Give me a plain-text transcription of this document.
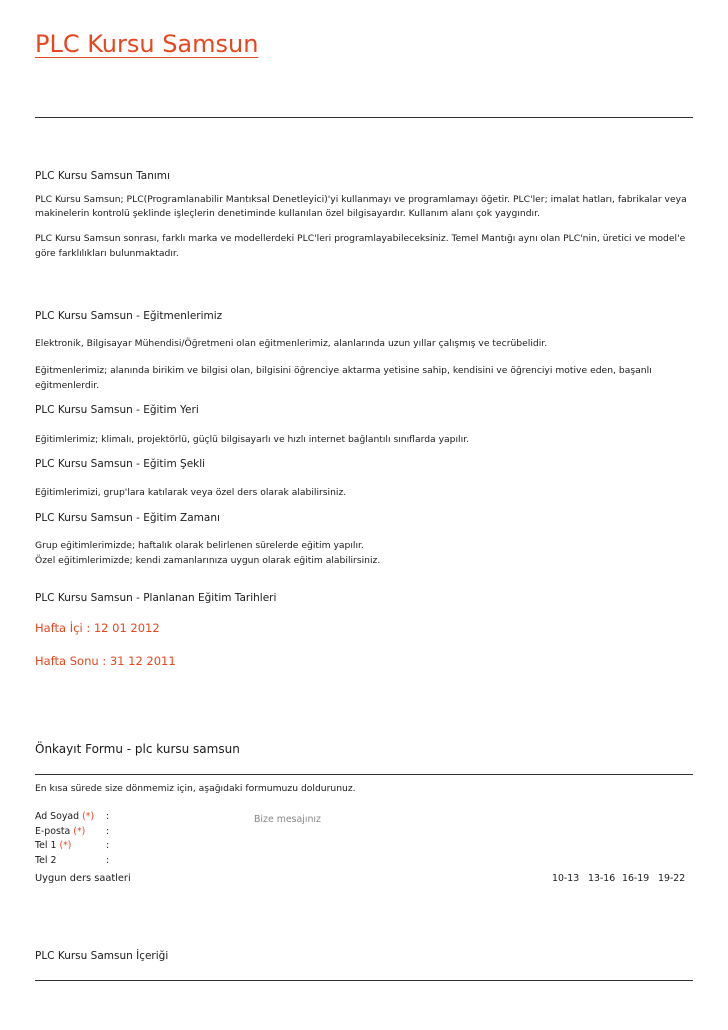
PLC Kursu Samsun
PLC Kursu Samsun Tanımı
PLC Kursu Samsun; PLC(Programlanabilir Mantıksal Denetleyici)'yi kullanmayı ve programlamayı öğetir. PLC'ler; imalat hatları, fabrikalar veya
makinelerin kontrolü şeklinde işleçlerin denetiminde kullanılan özel bilgisayardır. Kullanım alanı çok yaygındır.
PLC Kursu Samsun sonrası, farklı marka ve modellerdeki PLC'leri programlayabileceksiniz. Temel Mantığı aynı olan PLC'nin, üretici ve model'e
göre farklılıkları bulunmaktadır.
PLC Kursu Samsun - Eğitmenlerimiz
Elektronik, Bilgisayar Mühendisi/Öğretmeni olan eğitmenlerimiz, alanlarında uzun yıllar çalışmış ve tecrübelidir.
Eğitmenlerimiz; alanında birikim ve bilgisi olan, bilgisini öğrenciye aktarma yetisine sahip, kendisini ve öğrenciyi motive eden, başanlı
eğitmenlerdir.
PLC Kursu Samsun - Eğitim Yeri
Eğitimlerimiz; klimalı, projektörlü, güçlü bilgisayarlı ve hızlı internet bağlantılı sınıflarda yapılır.
PLC Kursu Samsun - Eğitim Şekli
Eğitimlerimizi, grup'lara katılarak veya özel ders olarak alabilirsiniz.
PLC Kursu Samsun - Eğitim Zamanı
Grup eğitimlerimizde; haftalık olarak belirlenen sürelerde eğitim yapılır.
Özel eğitimlerimizde; kendi zamanlarınıza uygun olarak eğitim alabilirsiniz.
PLC Kursu Samsun - Planlanan Eğitim Tarihleri
Hafta İçi : 12 01 2012
Hafta Sonu : 31 12 2011
Önkayıt Formu - plc kursu samsun
En kısa sürede size dönmemiz için, aşağıdaki formumuzu doldurunuz.
Ad Soyad (*) :
E-posta (*) :
Tel 1 (*)	:
Tel 2	:
Bize mesajınız
Uygun ders saatleri	10-13 13-16 16-19 19-22
PLC Kursu Samsun İçeriği
